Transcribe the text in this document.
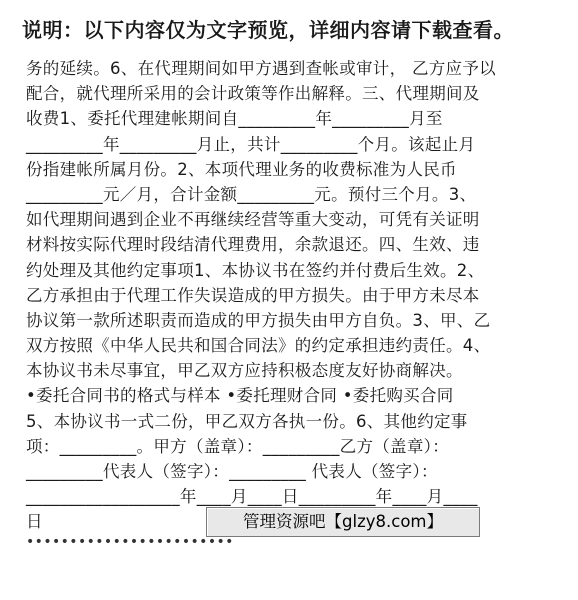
说明：以下内容仅为文字预览，详细内容请下载查看。
务的延续。6、在代理期间如甲方遇到查帐或审计， 乙方应予以
配合，就代理所采用的会计政策等作出解释。三、代理期间及
收费1、委托代理建帐期间自_________年_________月至
_________年_________月止，共计_________个月。该起止月
份指建帐所属月份。2、本项代理业务的收费标准为人民币
_________元／月，合计金额_________元。预付三个月。3、
如代理期间遇到企业不再继续经营等重大变动，可凭有关证明
材料按实际代理时段结清代理费用，余款退还。四、生效、违
约处理及其他约定事项1、本协议书在签约并付费后生效。2、
乙方承担由于代理工作失误造成的甲方损失。由于甲方未尽本
协议第一款所述职责而造成的甲方损失由甲方自负。3、甲、乙
双方按照《中华人民共和国合同法》的约定承担违约责任。4、
本协议书未尽事宜，甲乙双方应持积极态度友好协商解决。
•委托合同书的格式与样本 •委托理财合同 •委托购买合同
5、本协议书一式二份，甲乙双方各执一份。6、其他约定事
项：_________。甲方（盖章）：_________乙方（盖章）：
_________代表人（签字）：_________ 代表人（签字）：
__________________年____月____日_________年____月____
日	管理资源吧【glzy8.com】
••••••••••••••••••••••••
